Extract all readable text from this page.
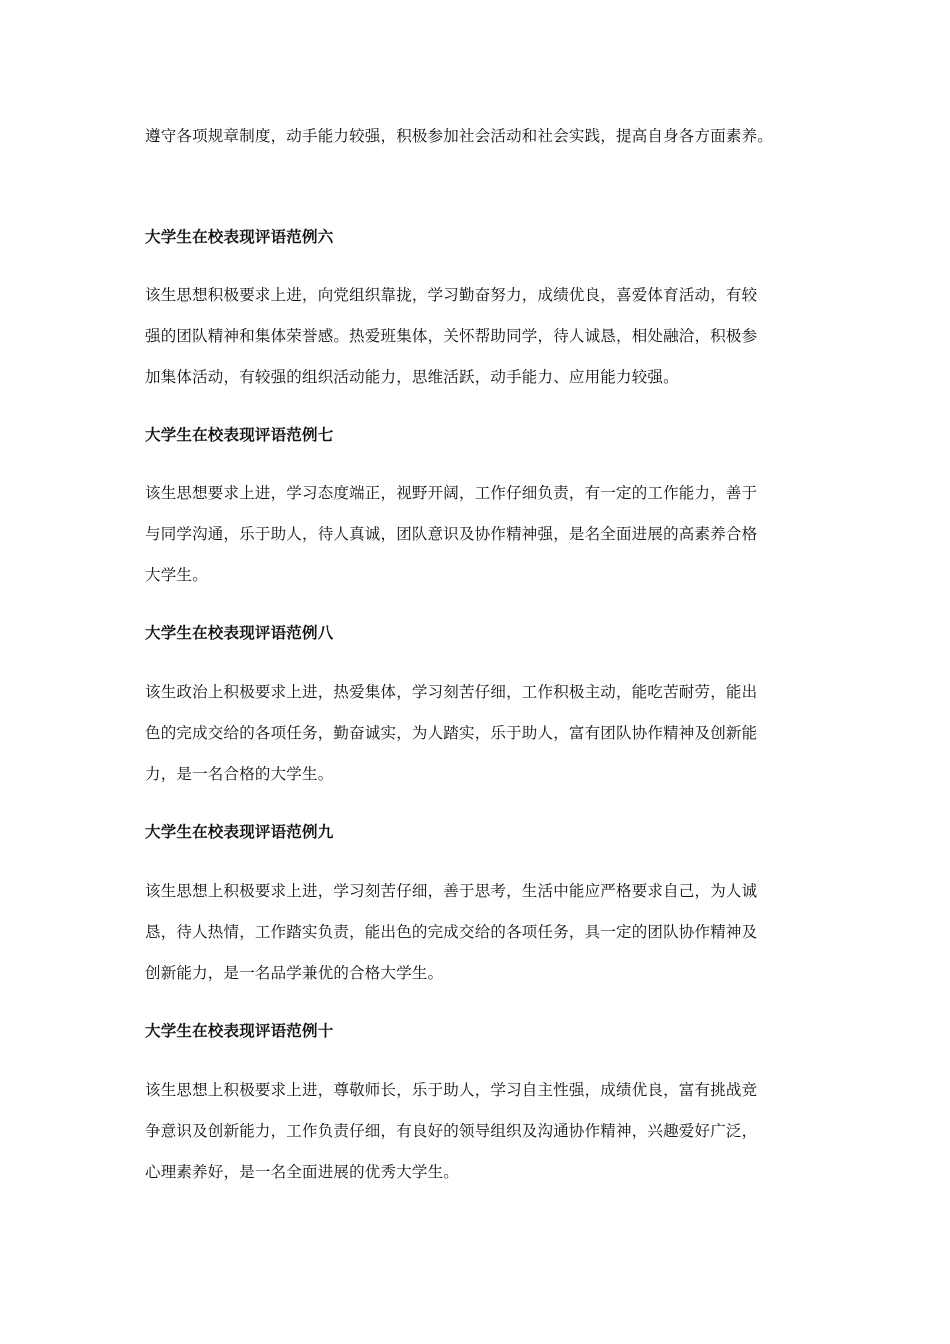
遵守各项规章制度，动手能力较强，积极参加社会活动和社会实践，提高自身各方面素养。
大学生在校表现评语范例六
该生思想积极要求上进，向党组织靠拢，学习勤奋努力，成绩优良，喜爱体育活动，有较
强的团队精神和集体荣誉感。热爱班集体，关怀帮助同学，待人诚恳，相处融洽，积极参
加集体活动，有较强的组织活动能力，思维活跃，动手能力、应用能力较强。
大学生在校表现评语范例七
该生思想要求上进，学习态度端正，视野开阔，工作仔细负责，有一定的工作能力，善于
与同学沟通，乐于助人，待人真诚，团队意识及协作精神强，是名全面进展的高素养合格
大学生。
大学生在校表现评语范例八
该生政治上积极要求上进，热爱集体，学习刻苦仔细，工作积极主动，能吃苦耐劳，能出
色的完成交给的各项任务，勤奋诚实，为人踏实，乐于助人，富有团队协作精神及创新能
力，是一名合格的大学生。
大学生在校表现评语范例九
该生思想上积极要求上进，学习刻苦仔细，善于思考，生活中能应严格要求自己，为人诚
恳，待人热情，工作踏实负责，能出色的完成交给的各项任务，具一定的团队协作精神及
创新能力，是一名品学兼优的合格大学生。
大学生在校表现评语范例十
该生思想上积极要求上进，尊敬师长，乐于助人，学习自主性强，成绩优良，富有挑战竞
争意识及创新能力，工作负责仔细，有良好的领导组织及沟通协作精神，兴趣爱好广泛，
心理素养好，是一名全面进展的优秀大学生。
